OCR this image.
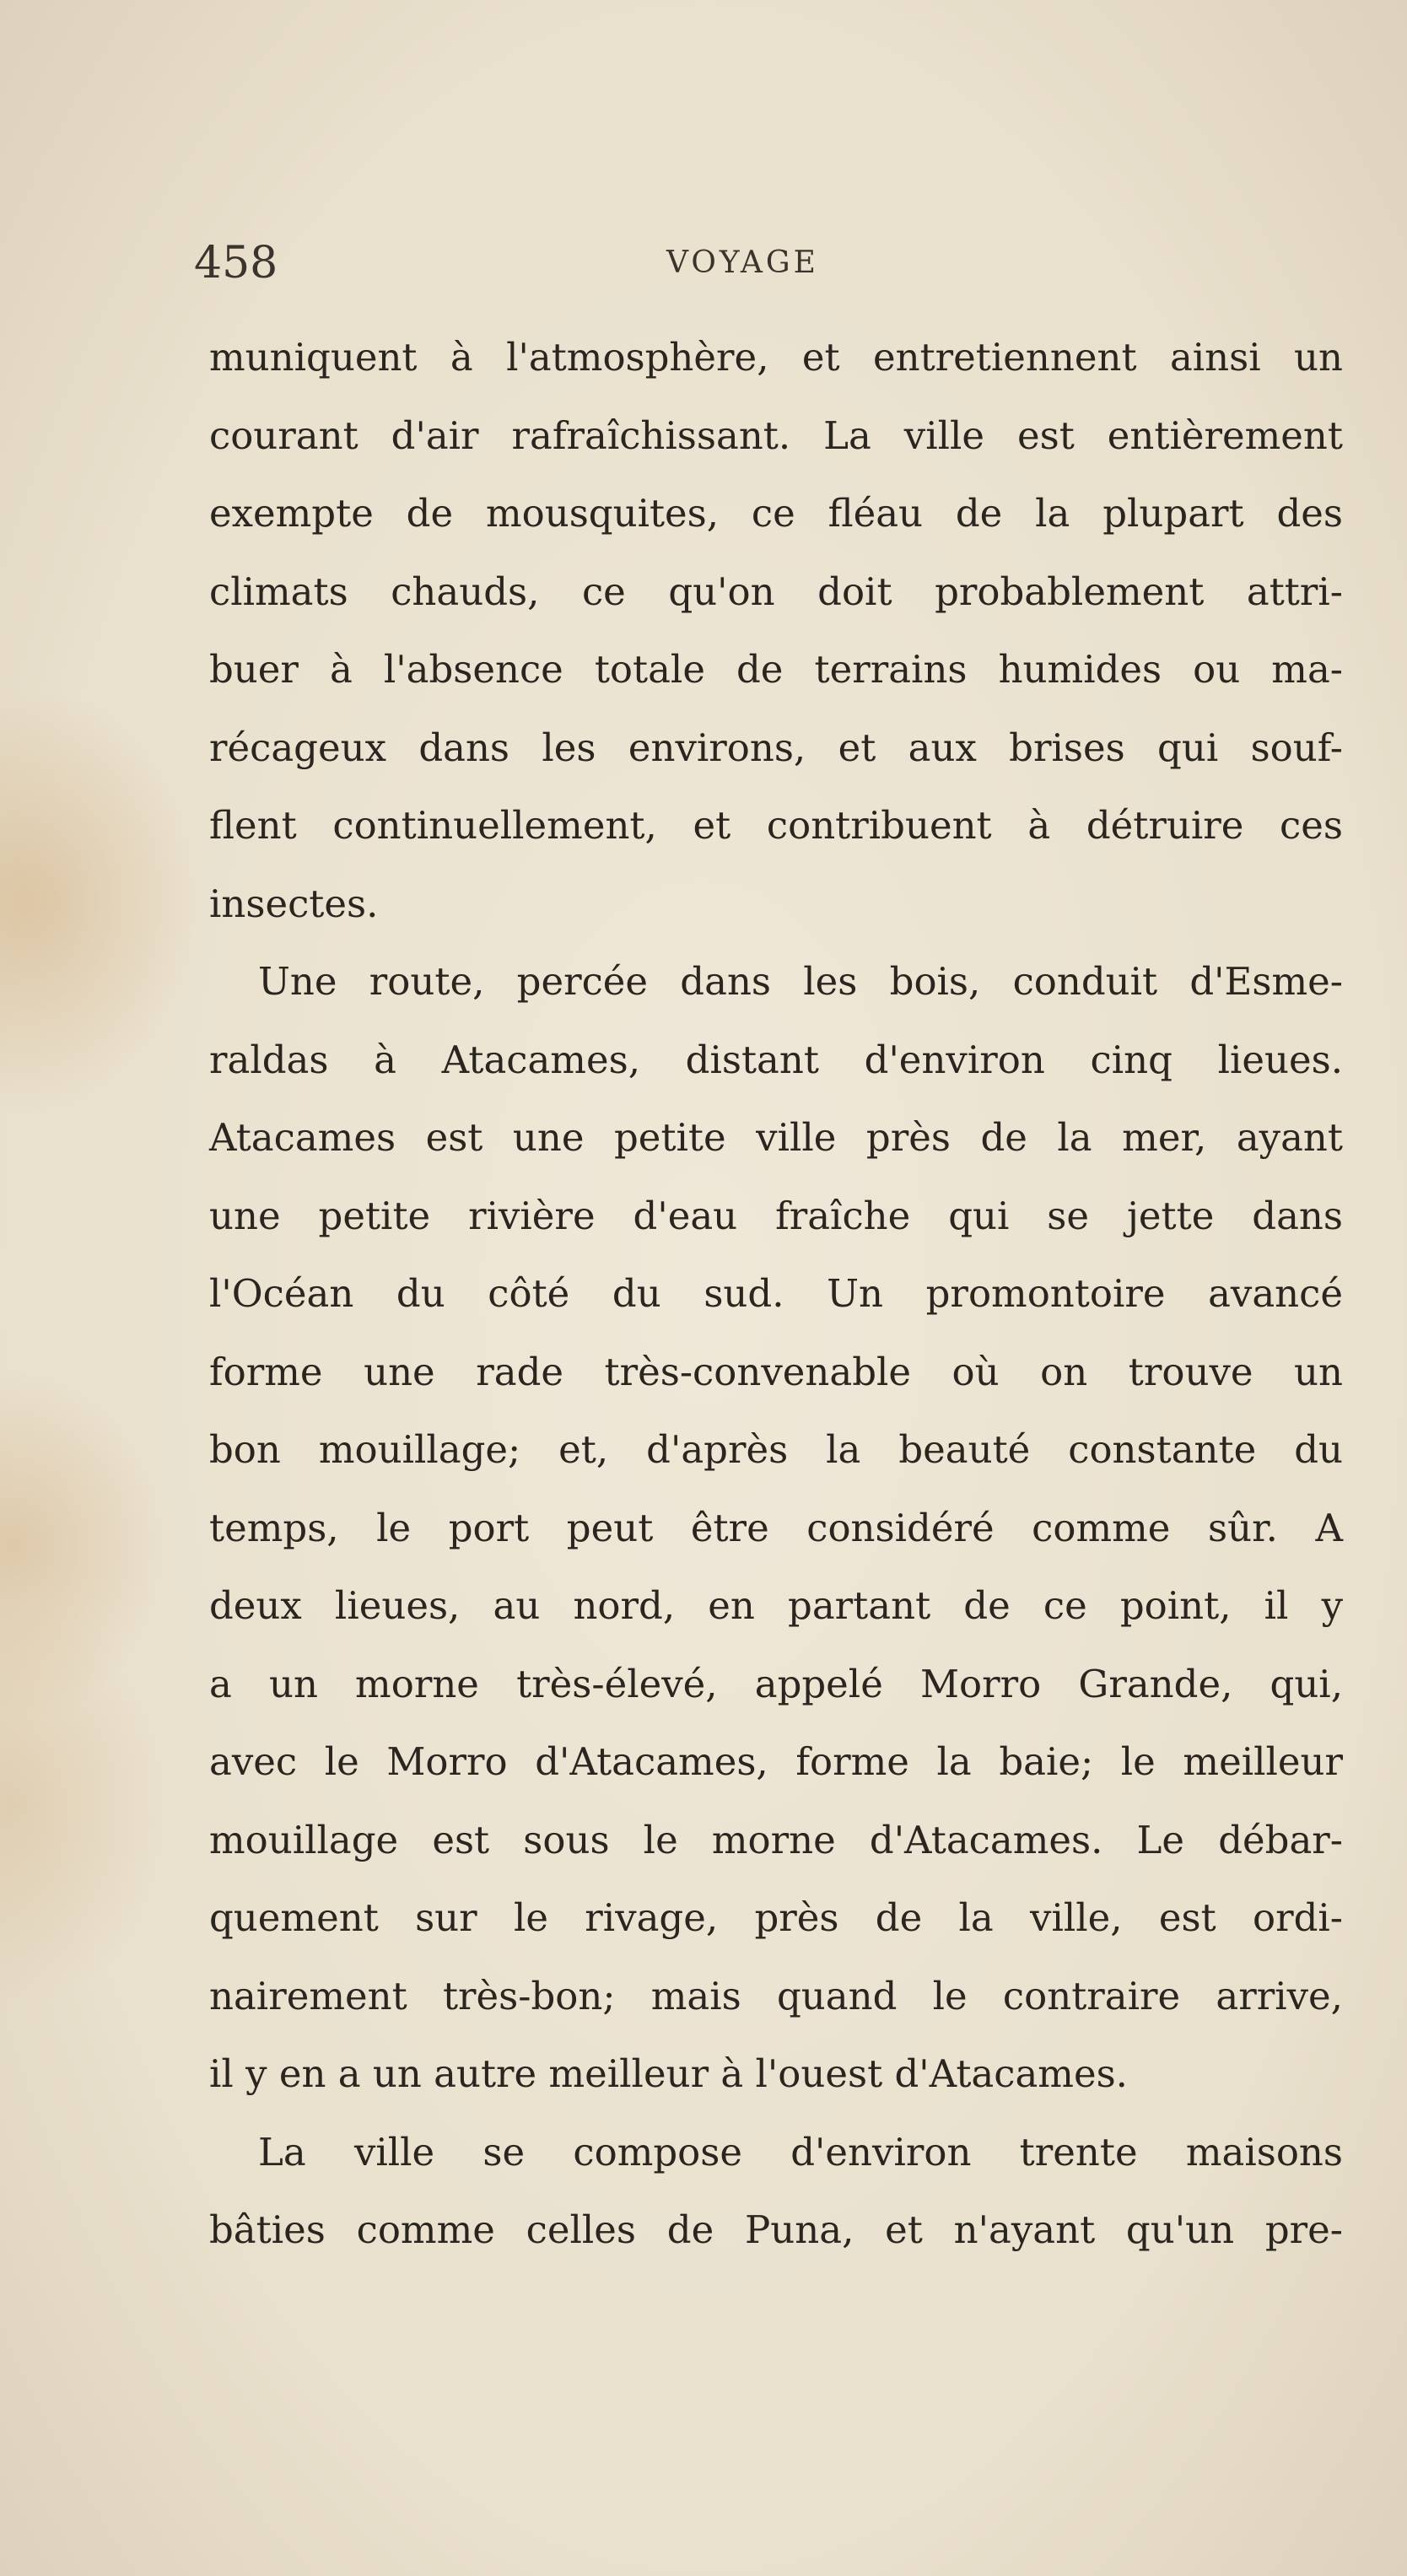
458	VOYAGE
muniquent à l'atmosphère, et entretiennent ainsi un
courant d'air rafraîchissant. La ville est entièrement
exempte de mousquites, ce fléau de la plupart des
climats chauds, ce qu'on doit probablement attri-
buer à l'absence totale de terrains humides ou ma-
récageux dans les environs, et aux brises qui souf-
flent continuellement, et contribuent à détruire ces
insectes.
Une route, percée dans les bois, conduit d'Esme-
raldas à Atacames, distant d'environ cinq lieues.
Atacames est une petite ville près de la mer, ayant
une petite rivière d'eau fraîche qui se jette dans
l'Océan du côté du sud. Un promontoire avancé
forme une rade très-convenable où on trouve un
bon mouillage; et, d'après la beauté constante du
temps, le port peut être considéré comme sûr. A
deux lieues, au nord, en partant de ce point, il y
a un morne très-élevé, appelé Morro Grande, qui,
avec le Morro d'Atacames, forme la baie; le meilleur
mouillage est sous le morne d'Atacames. Le débar-
quement sur le rivage, près de la ville, est ordi-
nairement très-bon; mais quand le contraire arrive,
il y en a un autre meilleur à l'ouest d'Atacames.
La ville se compose d'environ trente maisons
bâties comme celles de Puna, et n'ayant qu'un pre-
